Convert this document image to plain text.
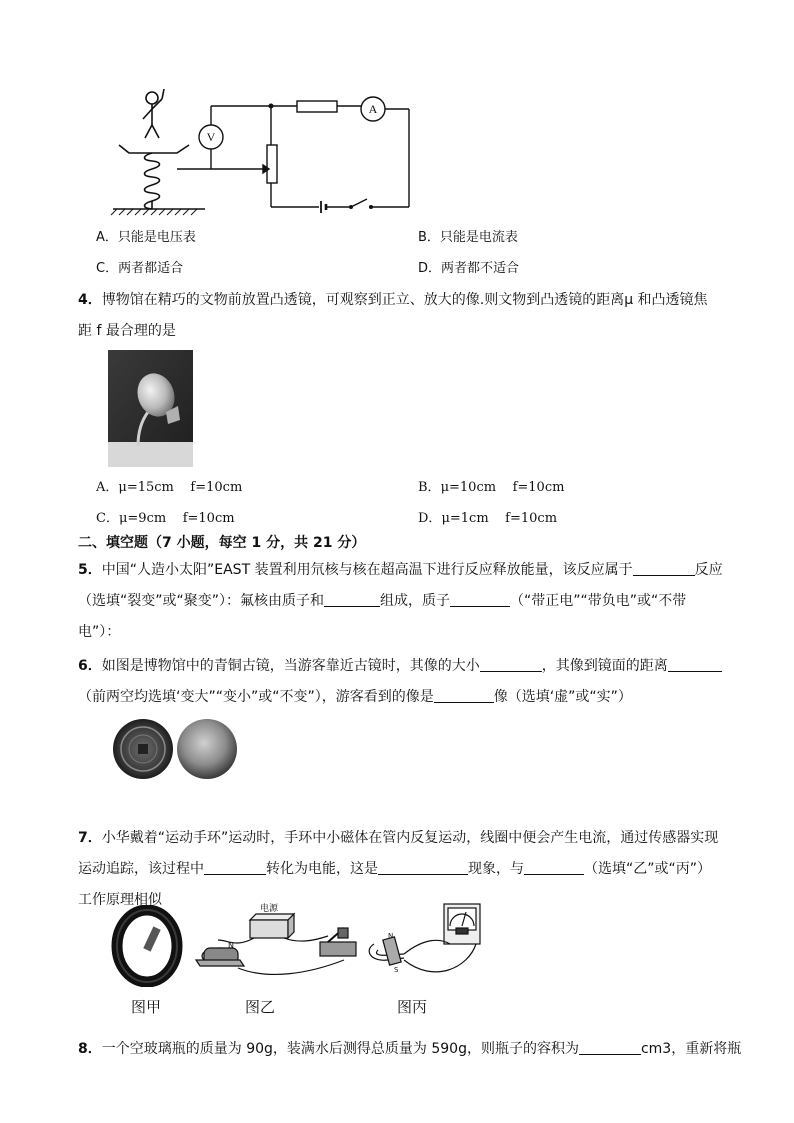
V
A
A．只能是电压表	B．只能是电流表
C．两者都适合	D．两者都不适合
4．博物馆在精巧的文物前放置凸透镜，可观察到正立、放大的像.则文物到凸透镜的距离μ 和凸透镜焦
距 f 最合理的是
A．μ=15cm    f=10cm	B．μ=10cm    f=10cm
C．μ=9cm    f=10cm	D．μ=1cm    f=10cm
二、填空题（7 小题，每空 1 分，共 21 分）
5．中国“人造小太阳”EAST 装置利用氘核与核在超高温下进行反应释放能量，该反应属于	反应
（选填“裂变”或“聚变”）：氟核由质子和	组成，质子	（“带正电”“带负电”或“不带
电”）：
6．如图是博物馆中的青铜古镜，当游客靠近古镜时，其像的大小	，其像到镜面的距离
（前两空均选填‘变大”“变小”或“不变”），游客看到的像是	像（选填‘虚”或“实”）
7．小华戴着“运动手环”运动时，手环中小磁体在管内反复运动，线圈中便会产生电流，通过传感器实现
运动追踪，该过程中	转化为电能，这是	现象，与	（选填“乙”或“丙”）
工作原理相似
电源
N
N
S
图甲	图乙	图丙
8．一个空玻璃瓶的质量为 90g，装满水后测得总质量为 590g，则瓶子的容积为	cm3，重新将瓶
